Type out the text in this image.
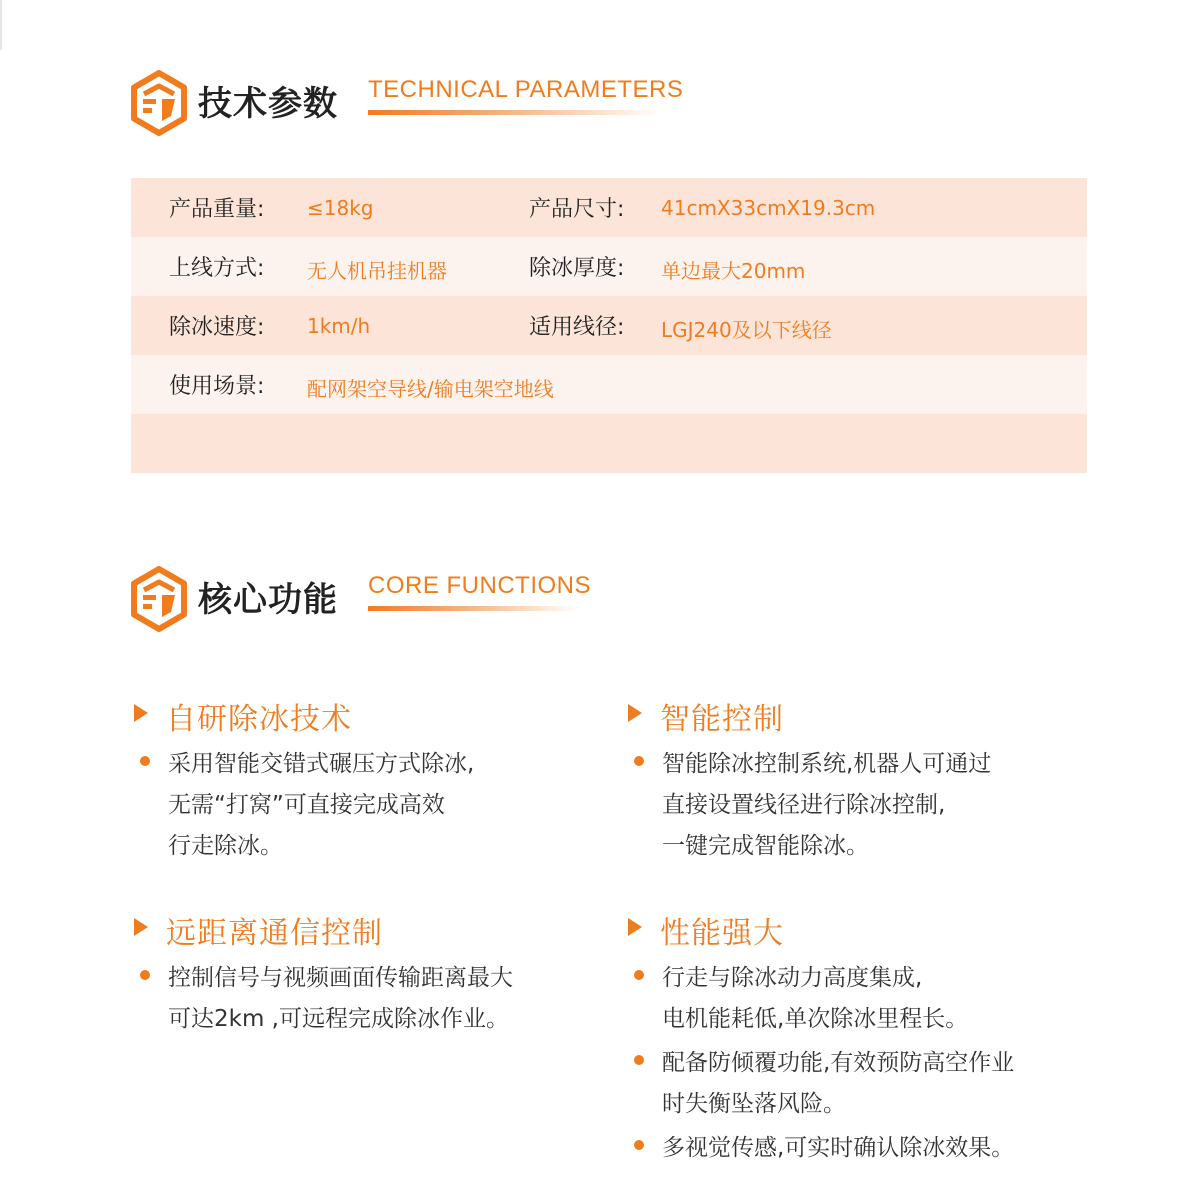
技术参数 TECHNICAL PARAMETERS
产品重量: ≤18kg	产品尺寸: 41cmX33cmX19.3cm
上线方式: 无人机吊挂机器	除冰厚度: 单边最大20mm
除冰速度: 1km/h	适用线径: LGJ240及以下线径
使用场景: 配网架空导线/输电架空地线
核心功能 CORE FUNCTIONS
自研除冰技术
采用智能交错式碾压方式除冰,
无需“打窝”可直接完成高效
行走除冰。
智能控制
智能除冰控制系统,机器人可通过
直接设置线径进行除冰控制,
一键完成智能除冰。
远距离通信控制
控制信号与视频画面传输距离最大
可达2km ,可远程完成除冰作业。
性能强大
行走与除冰动力高度集成,
电机能耗低,单次除冰里程长。
配备防倾覆功能,有效预防高空作业
时失衡坠落风险。
多视觉传感,可实时确认除冰效果。
